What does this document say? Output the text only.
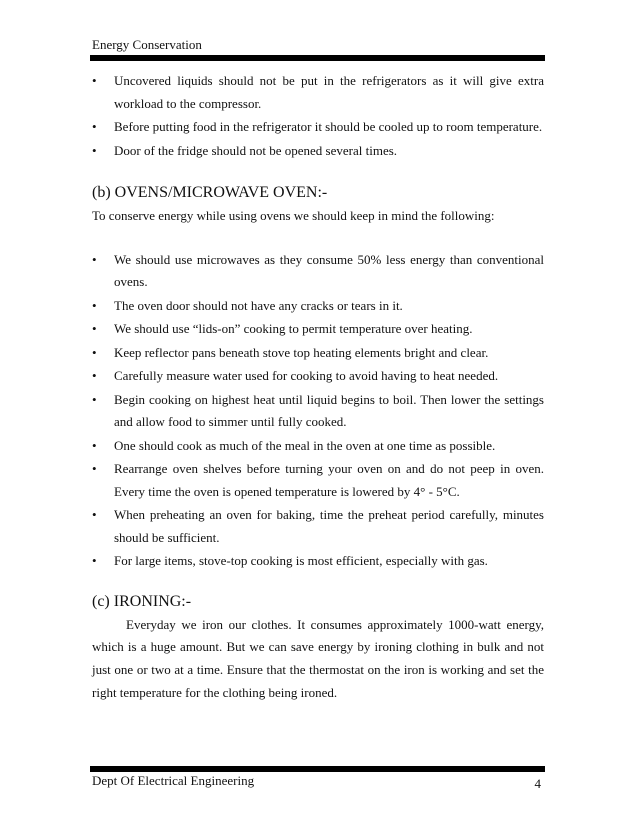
Energy Conservation
• Uncovered liquids should not be put in the refrigerators as it will give extra workload to the compressor.
• Before putting food in the refrigerator it should be cooled up to room temperature.
• Door of the fridge should not be opened several times.
(b) OVENS/MICROWAVE OVEN:-
To conserve energy while using ovens we should keep in mind the following:
• We should use microwaves as they consume 50% less energy than conventional ovens.
• The oven door should not have any cracks or tears in it.
• We should use “lids-on” cooking to permit temperature over heating.
• Keep reflector pans beneath stove top heating elements bright and clear.
• Carefully measure water used for cooking to avoid having to heat needed.
• Begin cooking on highest heat until liquid begins to boil. Then lower the settings and allow food to simmer until fully cooked.
• One should cook as much of the meal in the oven at one time as possible.
• Rearrange oven shelves before turning your oven on and do not peep in oven. Every time the oven is opened temperature is lowered by 4° - 5°C.
• When preheating an oven for baking, time the preheat period carefully, minutes should be sufficient.
• For large items, stove-top cooking is most efficient, especially with gas.
(c) IRONING:-
Everyday we iron our clothes. It consumes approximately 1000-watt energy, which is a huge amount. But we can save energy by ironing clothing in bulk and not just one or two at a time. Ensure that the thermostat on the iron is working and set the right temperature for the clothing being ironed.
Dept Of Electrical Engineering	4
